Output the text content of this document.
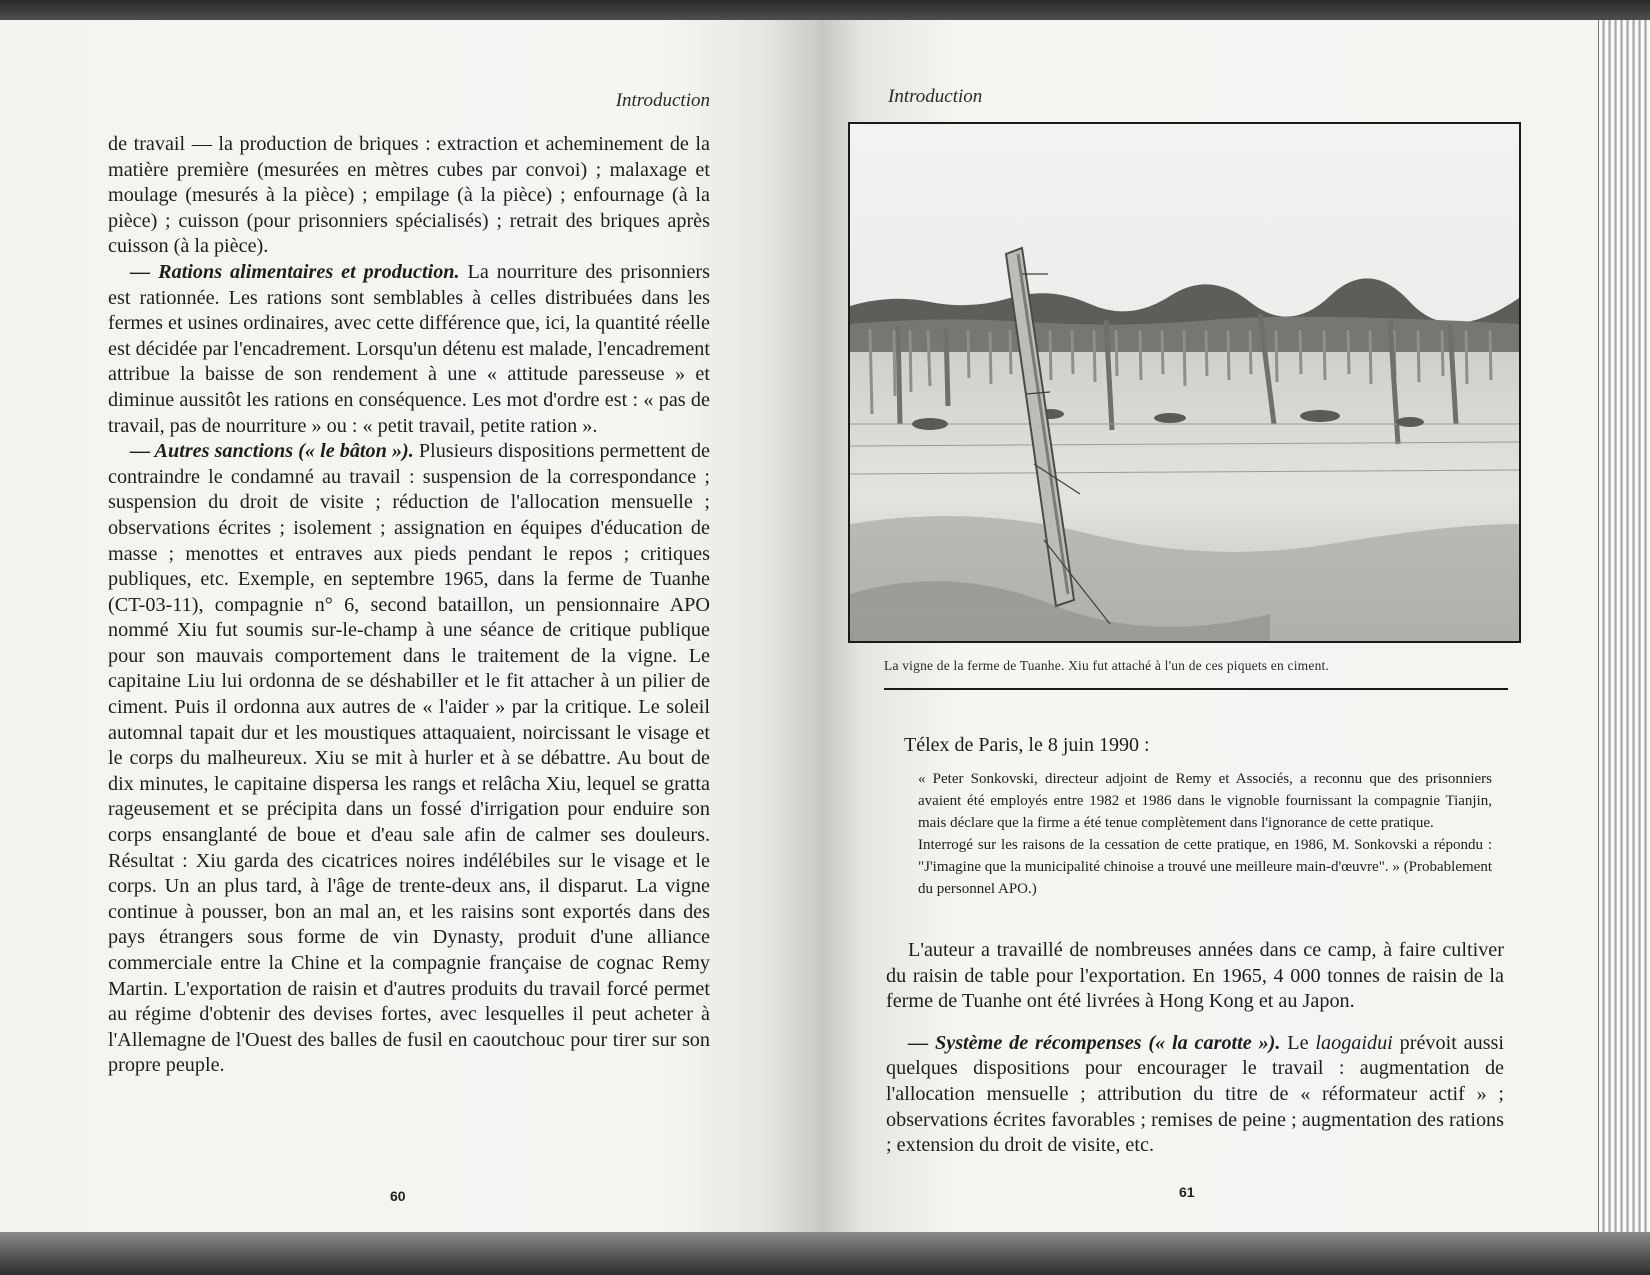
Introduction

de travail — la production de briques : extraction et acheminement de la matière première (mesurées en mètres cubes par convoi) ; malaxage et moulage (mesurés à la pièce) ; empilage (à la pièce) ; enfournage (à la pièce) ; cuisson (pour prisonniers spécialisés) ; retrait des briques après cuisson (à la pièce).

— Rations alimentaires et production. La nourriture des prisonniers est rationnée. Les rations sont semblables à celles distribuées dans les fermes et usines ordinaires, avec cette différence que, ici, la quantité réelle est décidée par l'encadrement. Lorsqu'un détenu est malade, l'encadrement attribue la baisse de son rendement à une « attitude paresseuse » et diminue aussitôt les rations en conséquence. Les mot d'ordre est : « pas de travail, pas de nourriture » ou : « petit travail, petite ration ».

— Autres sanctions (« le bâton »). Plusieurs dispositions permettent de contraindre le condamné au travail : suspension de la correspondance ; suspension du droit de visite ; réduction de l'allocation mensuelle ; observations écrites ; isolement ; assignation en équipes d'éducation de masse ; menottes et entraves aux pieds pendant le repos ; critiques publiques, etc. Exemple, en septembre 1965, dans la ferme de Tuanhe (CT-03-11), compagnie n° 6, second bataillon, un pensionnaire APO nommé Xiu fut soumis sur-le-champ à une séance de critique publique pour son mauvais comportement dans le traitement de la vigne. Le capitaine Liu lui ordonna de se déshabiller et le fit attacher à un pilier de ciment. Puis il ordonna aux autres de « l'aider » par la critique. Le soleil automnal tapait dur et les moustiques attaquaient, noircissant le visage et le corps du malheureux. Xiu se mit à hurler et à se débattre. Au bout de dix minutes, le capitaine dispersa les rangs et relâcha Xiu, lequel se gratta rageusement et se précipita dans un fossé d'irrigation pour enduire son corps ensanglanté de boue et d'eau sale afin de calmer ses douleurs. Résultat : Xiu garda des cicatrices noires indélébiles sur le visage et le corps. Un an plus tard, à l'âge de trente-deux ans, il disparut. La vigne continue à pousser, bon an mal an, et les raisins sont exportés dans des pays étrangers sous forme de vin Dynasty, produit d'une alliance commerciale entre la Chine et la compagnie française de cognac Remy Martin. L'exportation de raisin et d'autres produits du travail forcé permet au régime d'obtenir des devises fortes, avec lesquelles il peut acheter à l'Allemagne de l'Ouest des balles de fusil en caoutchouc pour tirer sur son propre peuple.

60
Introduction
La vigne de la ferme de Tuanhe. Xiu fut attaché à l'un de ces piquets en ciment.
Télex de Paris, le 8 juin 1990 :

« Peter Sonkovski, directeur adjoint de Remy et Associés, a reconnu que des prisonniers avaient été employés entre 1982 et 1986 dans le vignoble fournissant la compagnie Tianjin, mais déclare que la firme a été tenue complètement dans l'ignorance de cette pratique.

Interrogé sur les raisons de la cessation de cette pratique, en 1986, M. Sonkovski a répondu : "J'imagine que la municipalité chinoise a trouvé une meilleure main-d'œuvre". » (Probablement du personnel APO.)

L'auteur a travaillé de nombreuses années dans ce camp, à faire cultiver du raisin de table pour l'exportation. En 1965, 4 000 tonnes de raisin de la ferme de Tuanhe ont été livrées à Hong Kong et au Japon.

— Système de récompenses (« la carotte »). Le laogaidui prévoit aussi quelques dispositions pour encourager le travail : augmentation de l'allocation mensuelle ; attribution du titre de « réformateur actif » ; observations écrites favorables ; remises de peine ; augmentation des rations ; extension du droit de visite, etc.

61
